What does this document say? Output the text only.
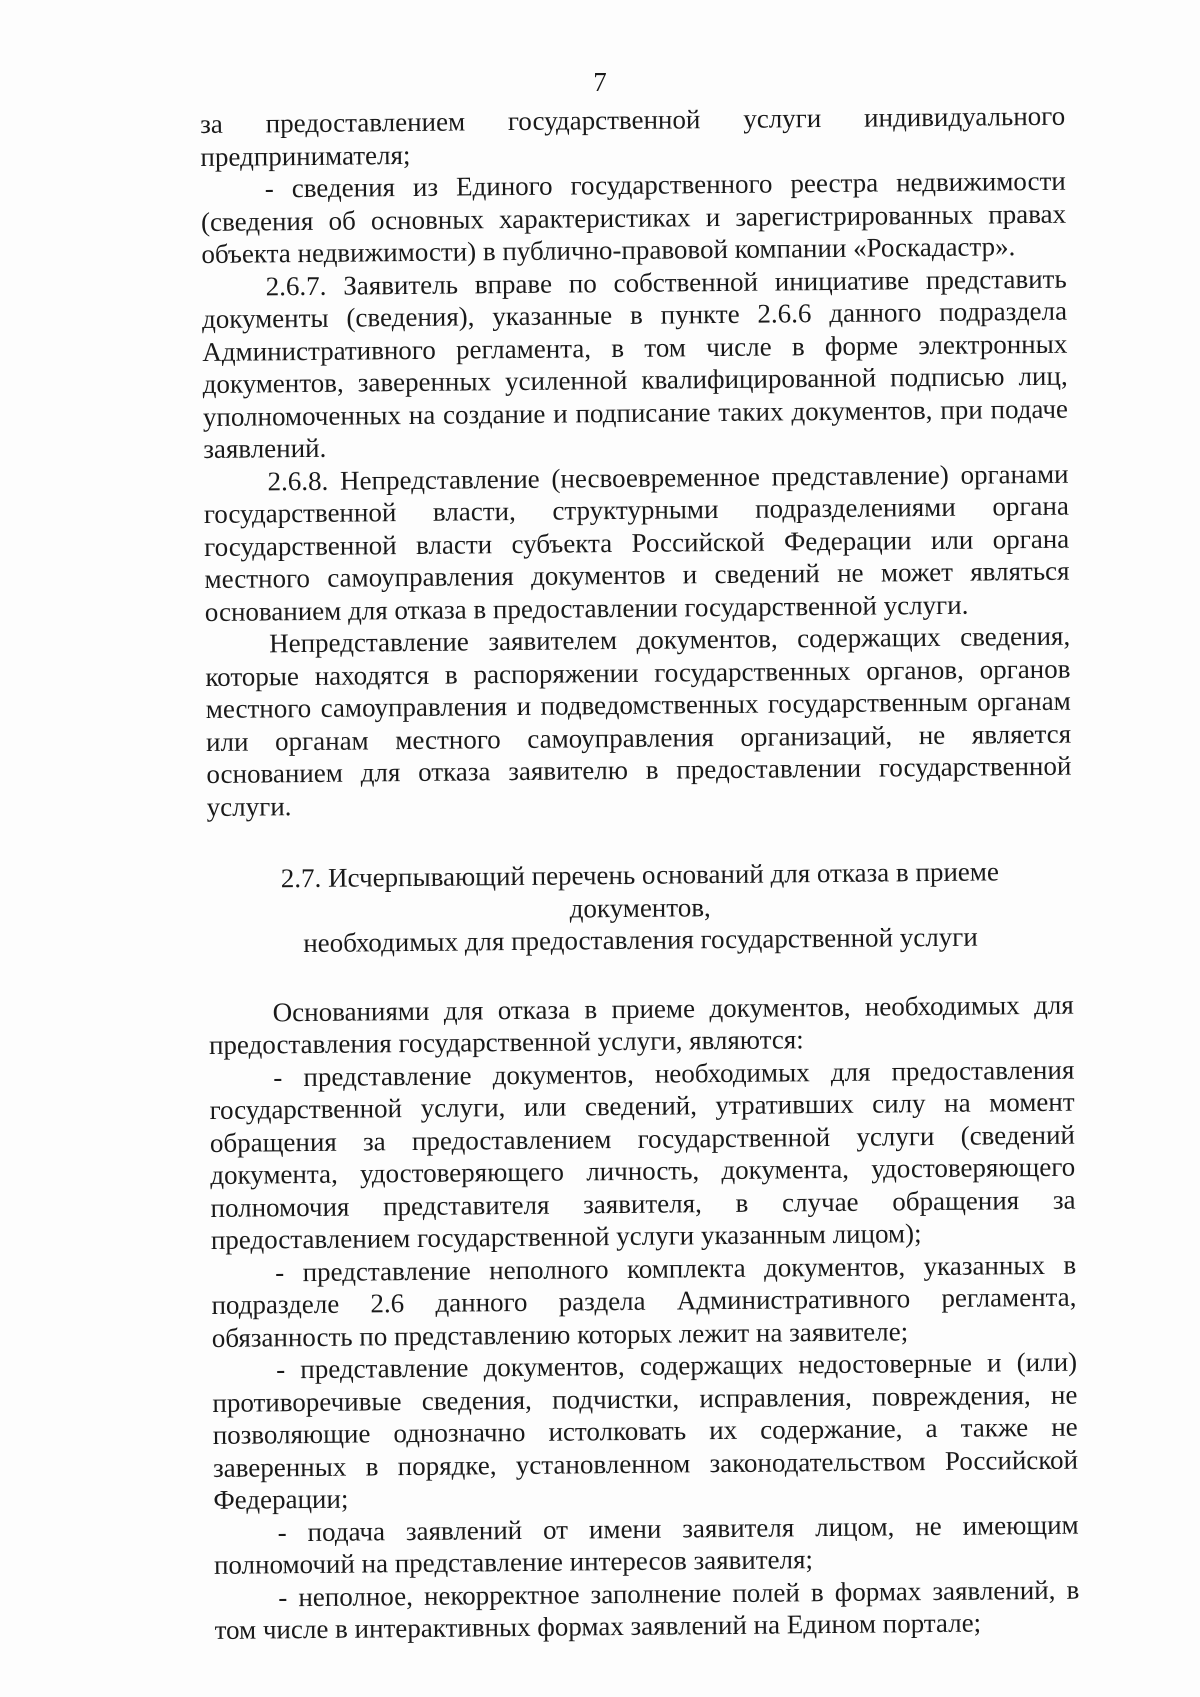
7

за предоставлением государственной услуги индивидуального предпринимателя;

- сведения из Единого государственного реестра недвижимости (сведения об основных характеристиках и зарегистрированных правах объекта недвижимости) в публично-правовой компании «Роскадастр».

2.6.7. Заявитель вправе по собственной инициативе представить документы (сведения), указанные в пункте 2.6.6 данного подраздела Административного регламента, в том числе в форме электронных документов, заверенных усиленной квалифицированной подписью лиц, уполномоченных на создание и подписание таких документов, при подаче заявлений.

2.6.8. Непредставление (несвоевременное представление) органами государственной власти, структурными подразделениями органа государственной власти субъекта Российской Федерации или органа местного самоуправления документов и сведений не может являться основанием для отказа в предоставлении государственной услуги.

Непредставление заявителем документов, содержащих сведения, которые находятся в распоряжении государственных органов, органов местного самоуправления и подведомственных государственным органам или органам местного самоуправления организаций, не является основанием для отказа заявителю в предоставлении государственной услуги.

2.7. Исчерпывающий перечень оснований для отказа в приеме документов,
необходимых для предоставления государственной услуги

Основаниями для отказа в приеме документов, необходимых для предоставления государственной услуги, являются:

- представление документов, необходимых для предоставления государственной услуги, или сведений, утративших силу на момент обращения за предоставлением государственной услуги (сведений документа, удостоверяющего личность, документа, удостоверяющего полномочия представителя заявителя, в случае обращения за предоставлением государственной услуги указанным лицом);

- представление неполного комплекта документов, указанных в подразделе 2.6 данного раздела Административного регламента, обязанность по представлению которых лежит на заявителе;

- представление документов, содержащих недостоверные и (или) противоречивые сведения, подчистки, исправления, повреждения, не позволяющие однозначно истолковать их содержание, а также не заверенных в порядке, установленном законодательством Российской Федерации;

- подача заявлений от имени заявителя лицом, не имеющим полномочий на представление интересов заявителя;

- неполное, некорректное заполнение полей в формах заявлений, в том числе в интерактивных формах заявлений на Едином портале;
